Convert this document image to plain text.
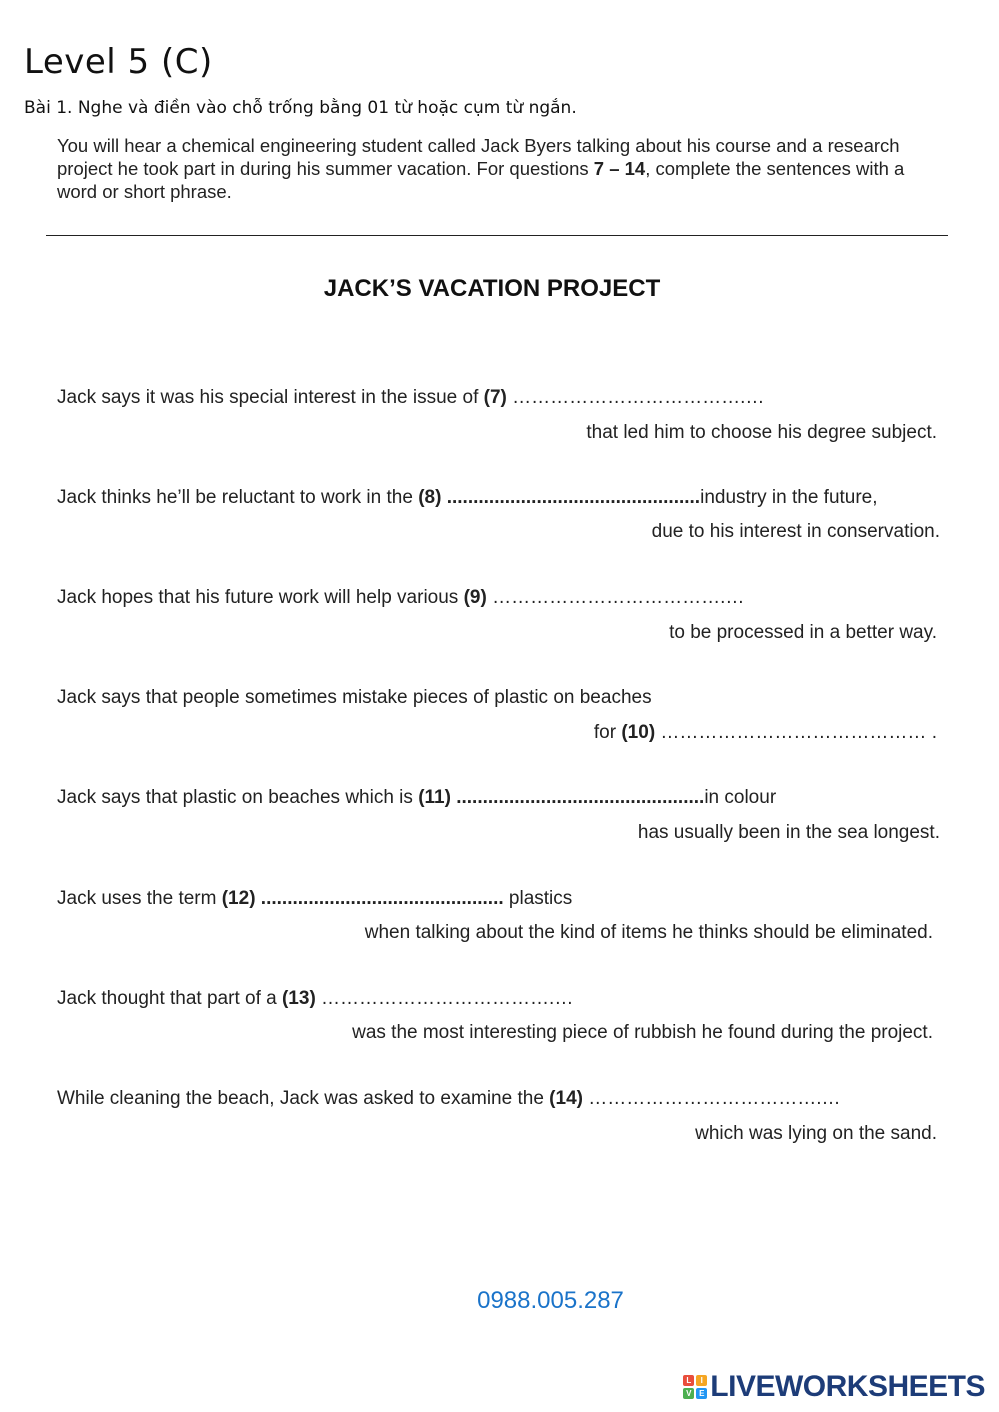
Level 5 (C)
Bài 1. Nghe và điền vào chỗ trống bằng 01 từ hoặc cụm từ ngắn.
You will hear a chemical engineering student called Jack Byers talking about his course and a research project he took part in during his summer vacation. For questions 7 – 14, complete the sentences with a word or short phrase.
JACK’S VACATION PROJECT
Jack says it was his special interest in the issue of (7) ……………………………….…
that led him to choose his degree subject.
Jack thinks he’ll be reluctant to work in the (8) ................................................industry in the future,
due to his interest in conservation.
Jack hopes that his future work will help various (9) ……………………………….…
to be processed in a better way.
Jack says that people sometimes mistake pieces of plastic on beaches
for (10) …………………………………… .
Jack says that plastic on beaches which is (11) ...............................................in colour
has usually been in the sea longest.
Jack uses the term (12) .............................................. plastics
when talking about the kind of items he thinks should be eliminated.
Jack thought that part of a (13) ……………………………….…
was the most interesting piece of rubbish he found during the project.
While cleaning the beach, Jack was asked to examine the (14) ……………………………….…
which was lying on the sand.
0988.005.287
L	I
V E LIVEWORKSHEETS
